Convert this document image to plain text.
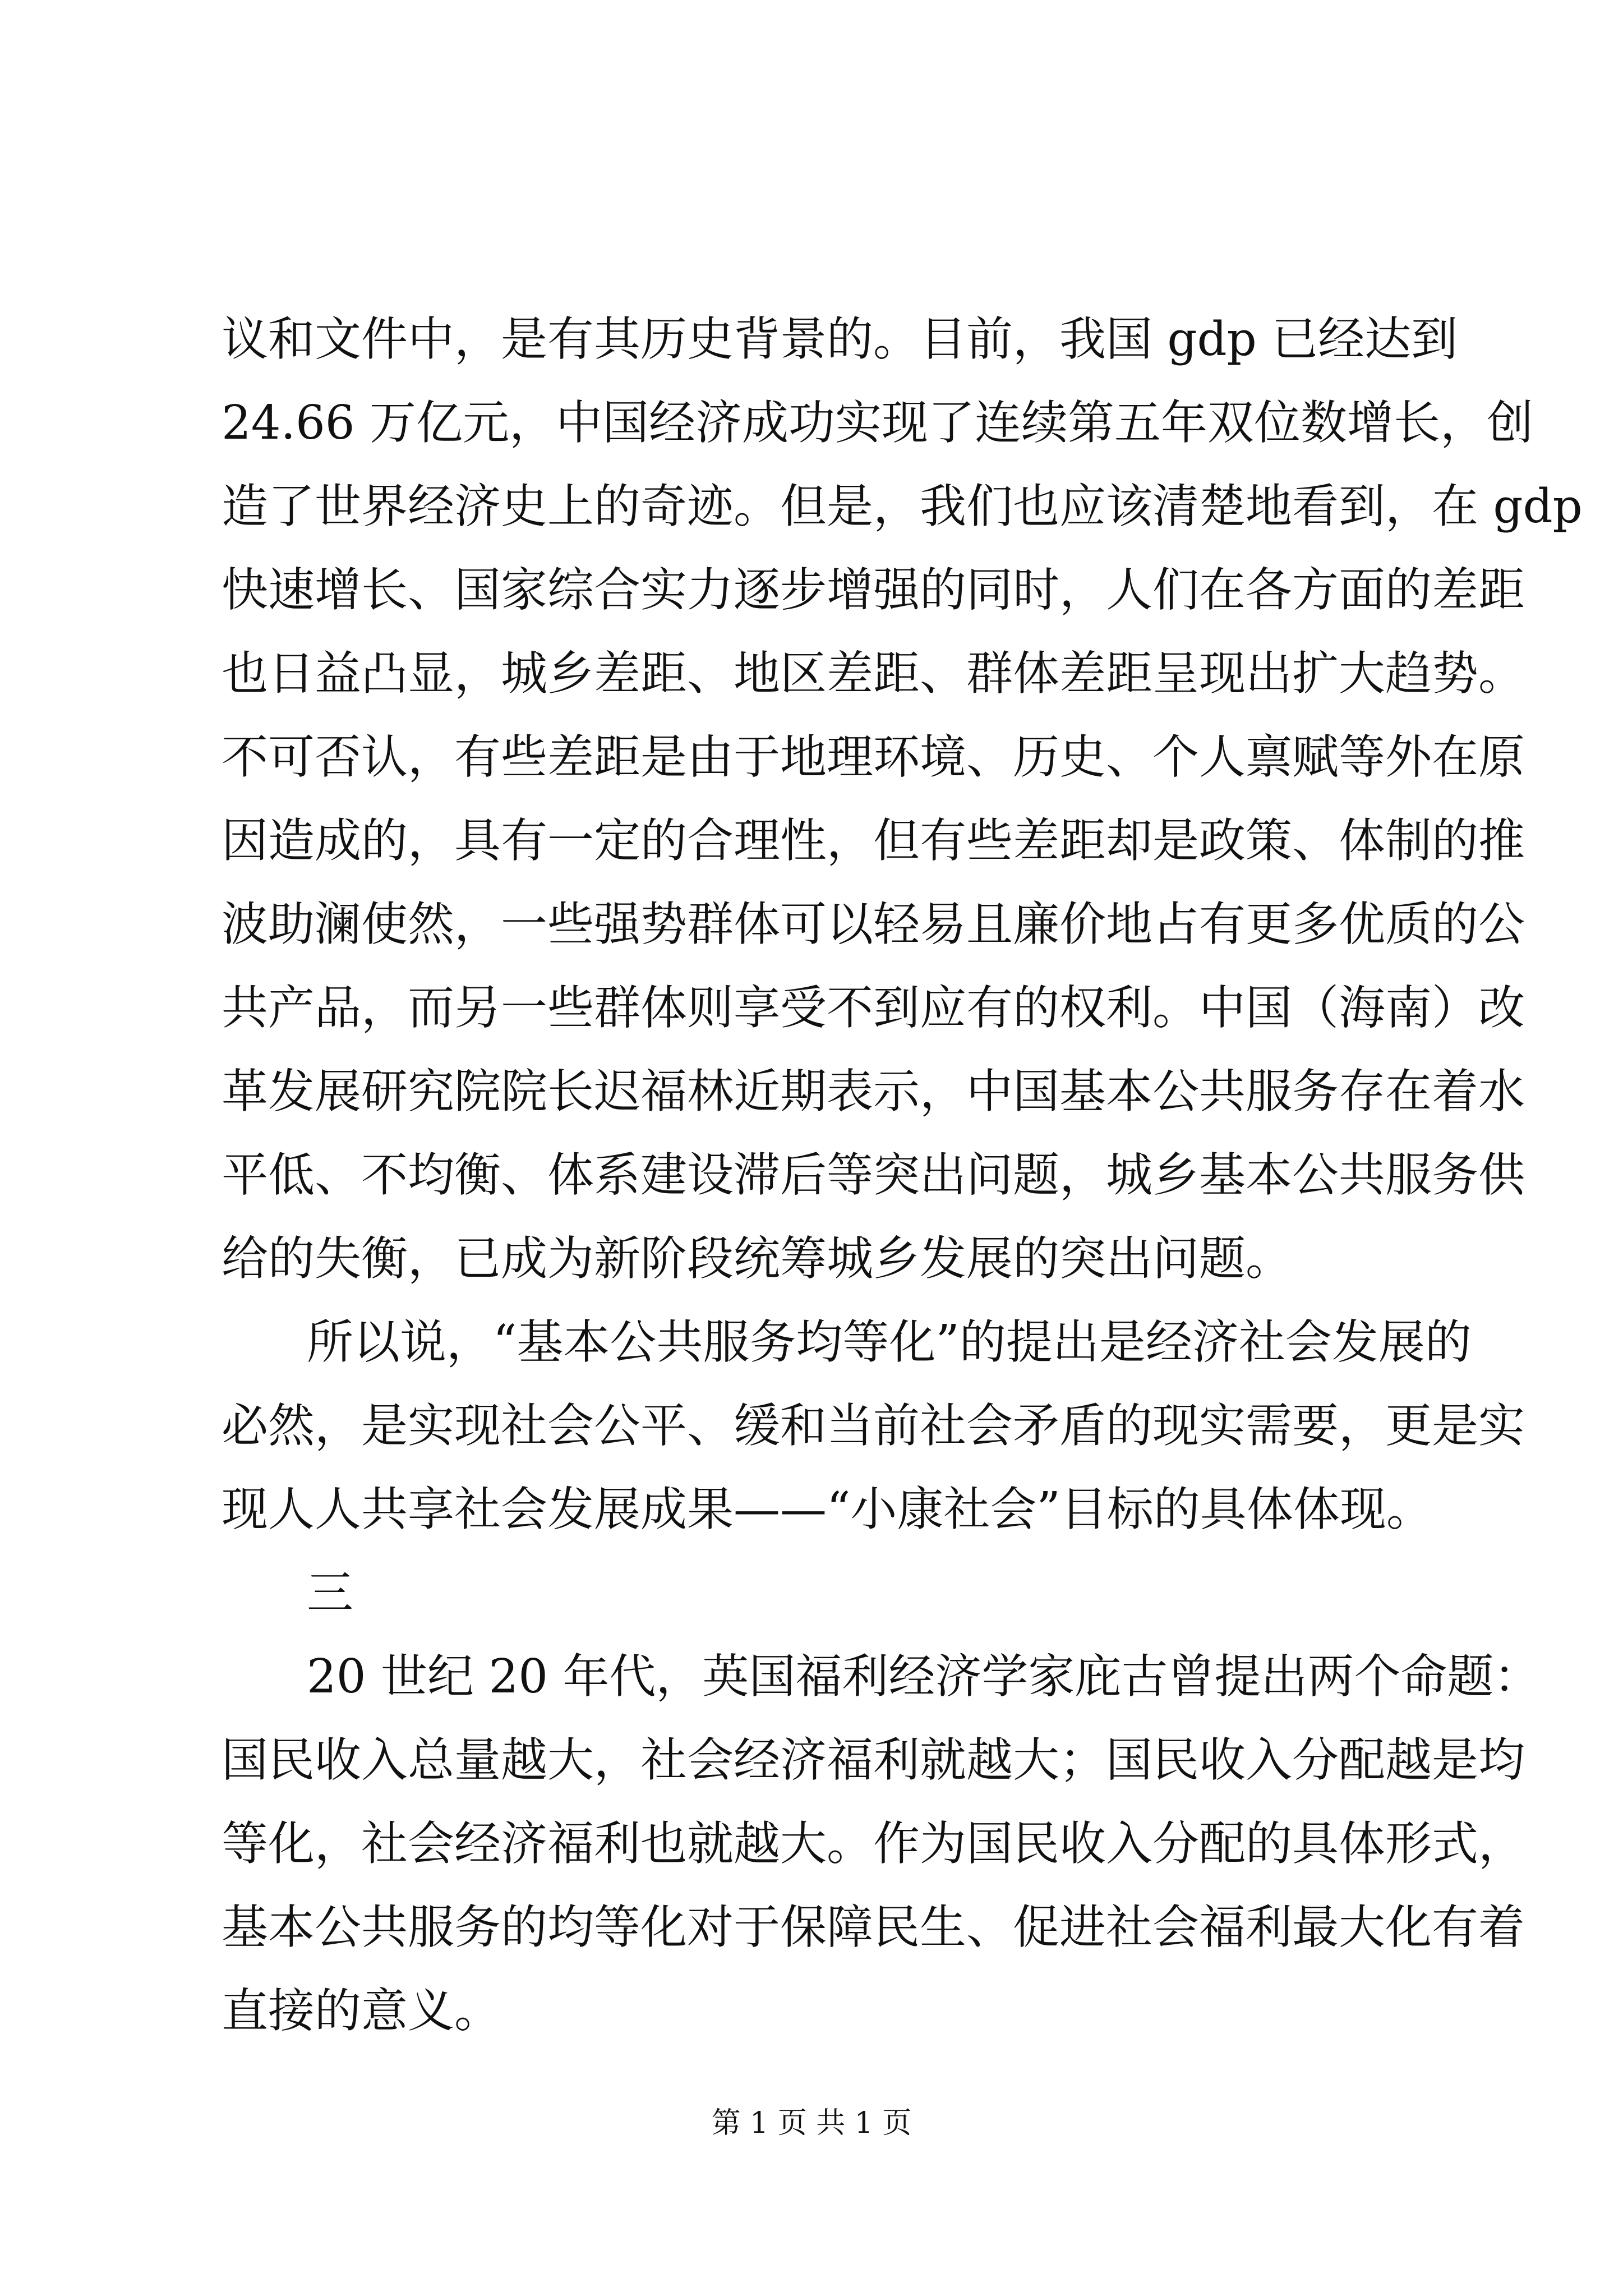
议和文件中，是有其历史背景的。目前，我国 gdp 已经达到
24.66 万亿元，中国经济成功实现了连续第五年双位数增长，创
造了世界经济史上的奇迹。但是，我们也应该清楚地看到，在 gdp
快速增长、国家综合实力逐步增强的同时，人们在各方面的差距
也日益凸显，城乡差距、地区差距、群体差距呈现出扩大趋势。
不可否认，有些差距是由于地理环境、历史、个人禀赋等外在原
因造成的，具有一定的合理性，但有些差距却是政策、体制的推
波助澜使然，一些强势群体可以轻易且廉价地占有更多优质的公
共产品，而另一些群体则享受不到应有的权利。中国（海南）改
革发展研究院院长迟福林近期表示，中国基本公共服务存在着水
平低、不均衡、体系建设滞后等突出问题，城乡基本公共服务供
给的失衡，已成为新阶段统筹城乡发展的突出问题。
所以说，“基本公共服务均等化”的提出是经济社会发展的
必然，是实现社会公平、缓和当前社会矛盾的现实需要，更是实
现人人共享社会发展成果——“小康社会”目标的具体体现。
三
20 世纪 20 年代，英国福利经济学家庇古曾提出两个命题：
国民收入总量越大，社会经济福利就越大；国民收入分配越是均
等化，社会经济福利也就越大。作为国民收入分配的具体形式，
基本公共服务的均等化对于保障民生、促进社会福利最大化有着
直接的意义。
第 1 页 共 1 页
